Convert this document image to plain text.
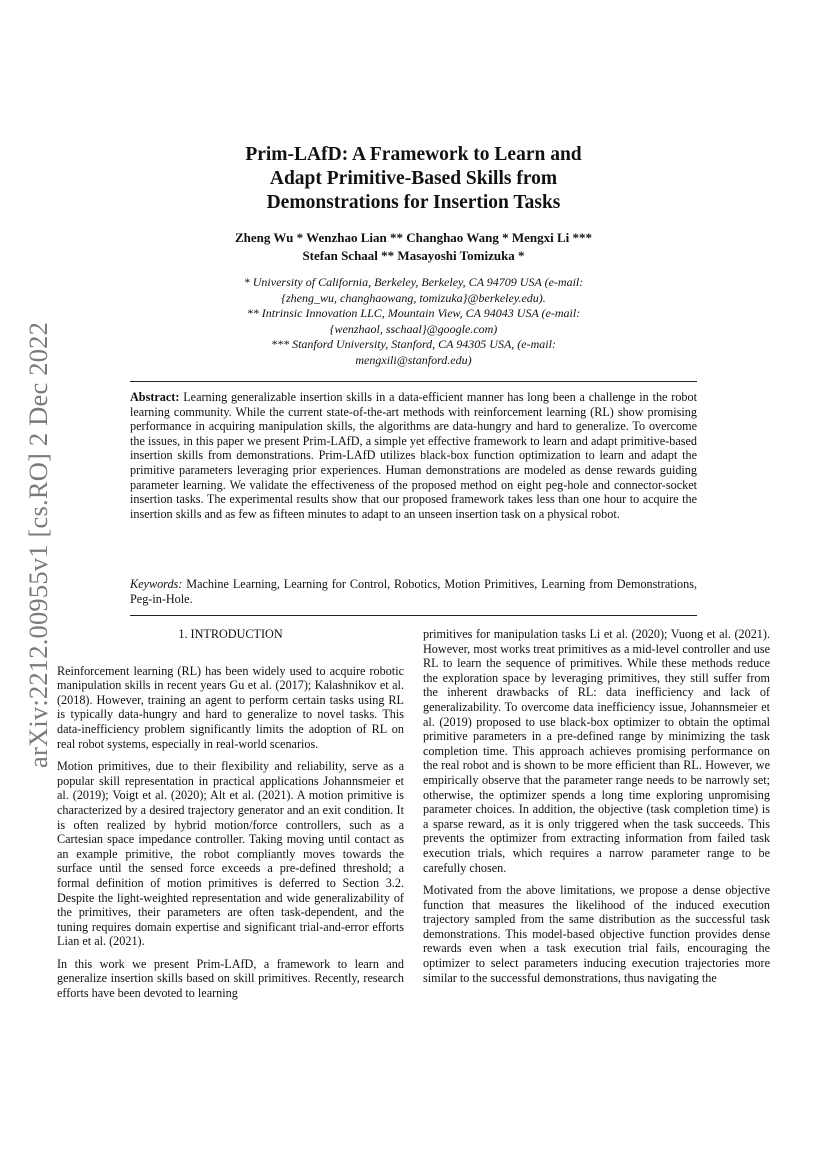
arXiv:2212.00955v1 [cs.RO] 2 Dec 2022
Prim-LAfD: A Framework to Learn and
Adapt Primitive-Based Skills from
Demonstrations for Insertion Tasks
Zheng Wu * Wenzhao Lian ** Changhao Wang * Mengxi Li ***
Stefan Schaal ** Masayoshi Tomizuka *
* University of California, Berkeley, Berkeley, CA 94709 USA (e-mail:
{zheng_wu, changhaowang, tomizuka}@berkeley.edu).
** Intrinsic Innovation LLC, Mountain View, CA 94043 USA (e-mail:
{wenzhaol, sschaal}@google.com)
*** Stanford University, Stanford, CA 94305 USA, (e-mail:
mengxili@stanford.edu)

Abstract: Learning generalizable insertion skills in a data-efficient manner has long been a challenge in the robot learning community. While the current state-of-the-art methods with reinforcement learning (RL) show promising performance in acquiring manipulation skills, the algorithms are data-hungry and hard to generalize. To overcome the issues, in this paper we present Prim-LAfD, a simple yet effective framework to learn and adapt primitive-based insertion skills from demonstrations. Prim-LAfD utilizes black-box function optimization to learn and adapt the primitive parameters leveraging prior experiences. Human demonstrations are modeled as dense rewards guiding parameter learning. We validate the effectiveness of the proposed method on eight peg-hole and connector-socket insertion tasks. The experimental results show that our proposed framework takes less than one hour to acquire the insertion skills and as few as fifteen minutes to adapt to an unseen insertion task on a physical robot.

Keywords: Machine Learning, Learning for Control, Robotics, Motion Primitives, Learning from Demonstrations, Peg-in-Hole.

1. INTRODUCTION

Reinforcement learning (RL) has been widely used to acquire robotic manipulation skills in recent years Gu et al. (2017); Kalashnikov et al. (2018). However, training an agent to perform certain tasks using RL is typically data-hungry and hard to generalize to novel tasks. This data-inefficiency problem significantly limits the adoption of RL on real robot systems, especially in real-world scenarios.

Motion primitives, due to their flexibility and reliability, serve as a popular skill representation in practical applications Johannsmeier et al. (2019); Voigt et al. (2020); Alt et al. (2021). A motion primitive is characterized by a desired trajectory generator and an exit condition. It is often realized by hybrid motion/force controllers, such as a Cartesian space impedance controller. Taking moving until contact as an example primitive, the robot compliantly moves towards the surface until the sensed force exceeds a pre-defined threshold; a formal definition of motion primitives is deferred to Section 3.2. Despite the light-weighted representation and wide generalizability of the primitives, their parameters are often task-dependent, and the tuning requires domain expertise and significant trial-and-error efforts Lian et al. (2021).

In this work we present Prim-LAfD, a framework to learn and generalize insertion skills based on skill primitives. Recently, research efforts have been devoted to learning

primitives for manipulation tasks Li et al. (2020); Vuong et al. (2021). However, most works treat primitives as a mid-level controller and use RL to learn the sequence of primitives. While these methods reduce the exploration space by leveraging primitives, they still suffer from the inherent drawbacks of RL: data inefficiency and lack of generalizability. To overcome data inefficiency issue, Johannsmeier et al. (2019) proposed to use black-box optimizer to obtain the optimal primitive parameters in a pre-defined range by minimizing the task completion time. This approach achieves promising performance on the real robot and is shown to be more efficient than RL. However, we empirically observe that the parameter range needs to be narrowly set; otherwise, the optimizer spends a long time exploring unpromising parameter choices. In addition, the objective (task completion time) is a sparse reward, as it is only triggered when the task succeeds. This prevents the optimizer from extracting information from failed task execution trials, which requires a narrow parameter range to be carefully chosen.

Motivated from the above limitations, we propose a dense objective function that measures the likelihood of the induced execution trajectory sampled from the same distribution as the successful task demonstrations. This model-based objective function provides dense rewards even when a task execution trial fails, encouraging the optimizer to select parameters inducing execution trajectories more similar to the successful demonstrations, thus navigating the
